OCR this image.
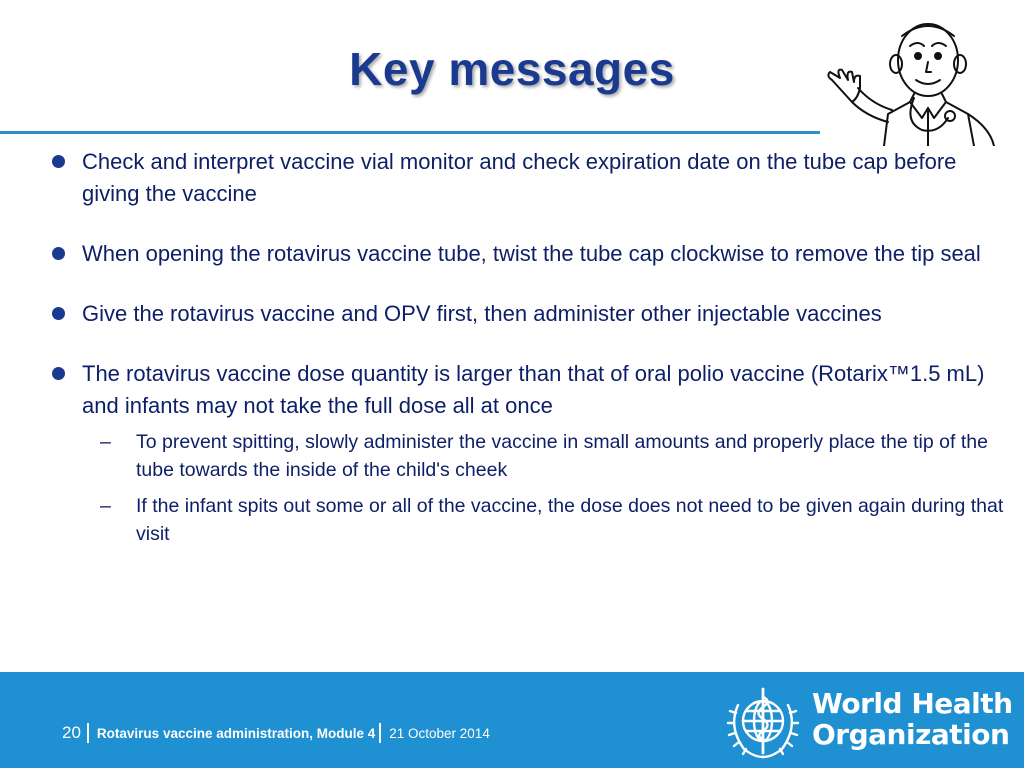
Key messages
Check and interpret vaccine vial monitor and check expiration date on the tube cap before giving the vaccine
When opening the rotavirus vaccine tube, twist the tube cap clockwise to remove the tip seal
Give the rotavirus vaccine and OPV first, then administer other injectable vaccines
The rotavirus vaccine dose quantity is larger than that of oral polio vaccine (Rotarix™1.5 mL) and infants may not take the full dose all at once
– To prevent spitting, slowly administer the vaccine in small amounts and properly place the tip of the tube towards the inside of the child's cheek
– If the infant spits out some or all of the vaccine, the dose does not need to be given again during that visit
20 Rotavirus vaccine administration, Module 4 21 October 2014
World Health
Organization
